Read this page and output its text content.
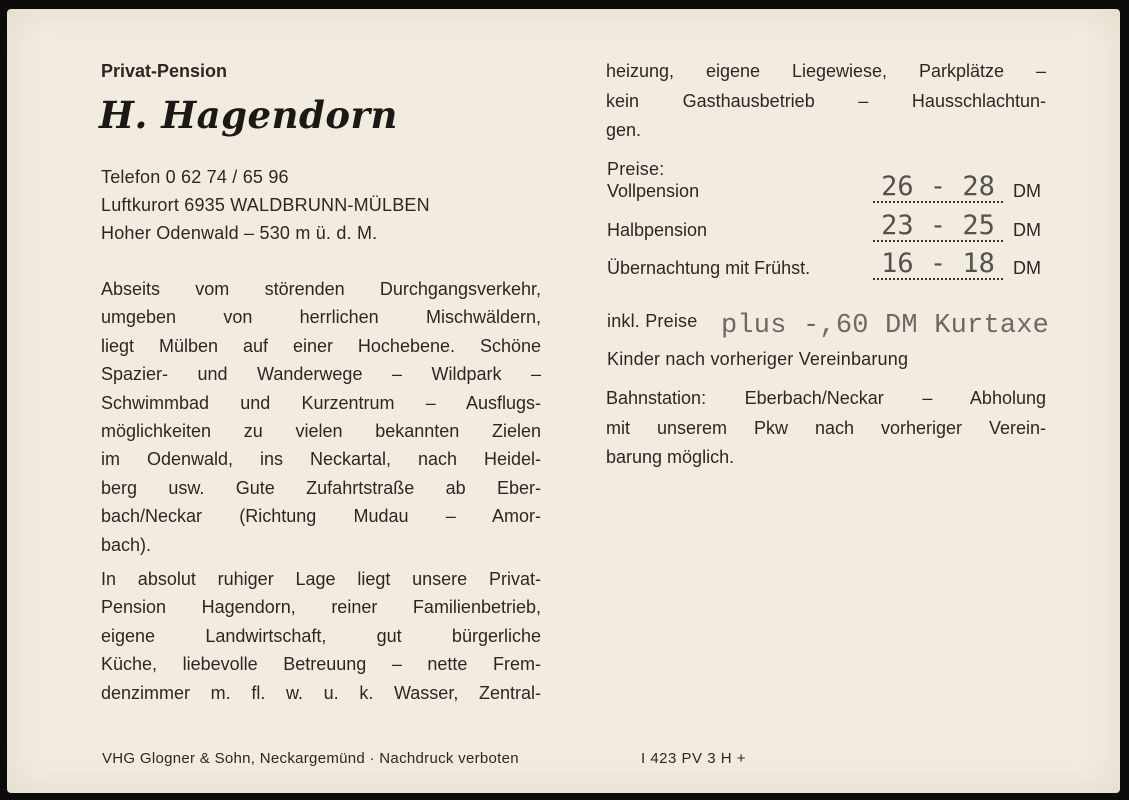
Privat-Pension
H. Hagendorn
Telefon 0 62 74 / 65 96
Luftkurort 6935 WALDBRUNN-MÜLBEN
Hoher Odenwald – 530 m ü. d. M.
Abseits vom störenden Durchgangsverkehr,
umgeben von herrlichen Mischwäldern,
liegt Mülben auf einer Hochebene. Schöne
Spazier- und Wanderwege – Wildpark –
Schwimmbad und Kurzentrum – Ausflugs-
möglichkeiten zu vielen bekannten Zielen
im Odenwald, ins Neckartal, nach Heidel-
berg usw. Gute Zufahrtstraße ab Eber-
bach/Neckar (Richtung Mudau – Amor-
bach).
In absolut ruhiger Lage liegt unsere Privat-
Pension Hagendorn, reiner Familienbetrieb,
eigene Landwirtschaft, gut bürgerliche
Küche, liebevolle Betreuung – nette Frem-
denzimmer m. fl. w. u. k. Wasser, Zentral-
heizung, eigene Liegewiese, Parkplätze –
kein Gasthausbetrieb – Hausschlachtun-
gen.
Preise:
Vollpension	26 - 28	DM
Halbpension	23 - 25	DM
Übernachtung mit Frühst.	16 - 18	DM
inkl. Preise plus -,60 DM Kurtaxe
Kinder nach vorheriger Vereinbarung
Bahnstation: Eberbach/Neckar – Abholung
mit unserem Pkw nach vorheriger Verein-
barung möglich.
VHG Glogner & Sohn, Neckargemünd · Nachdruck verboten	I 423 PV 3 H +
